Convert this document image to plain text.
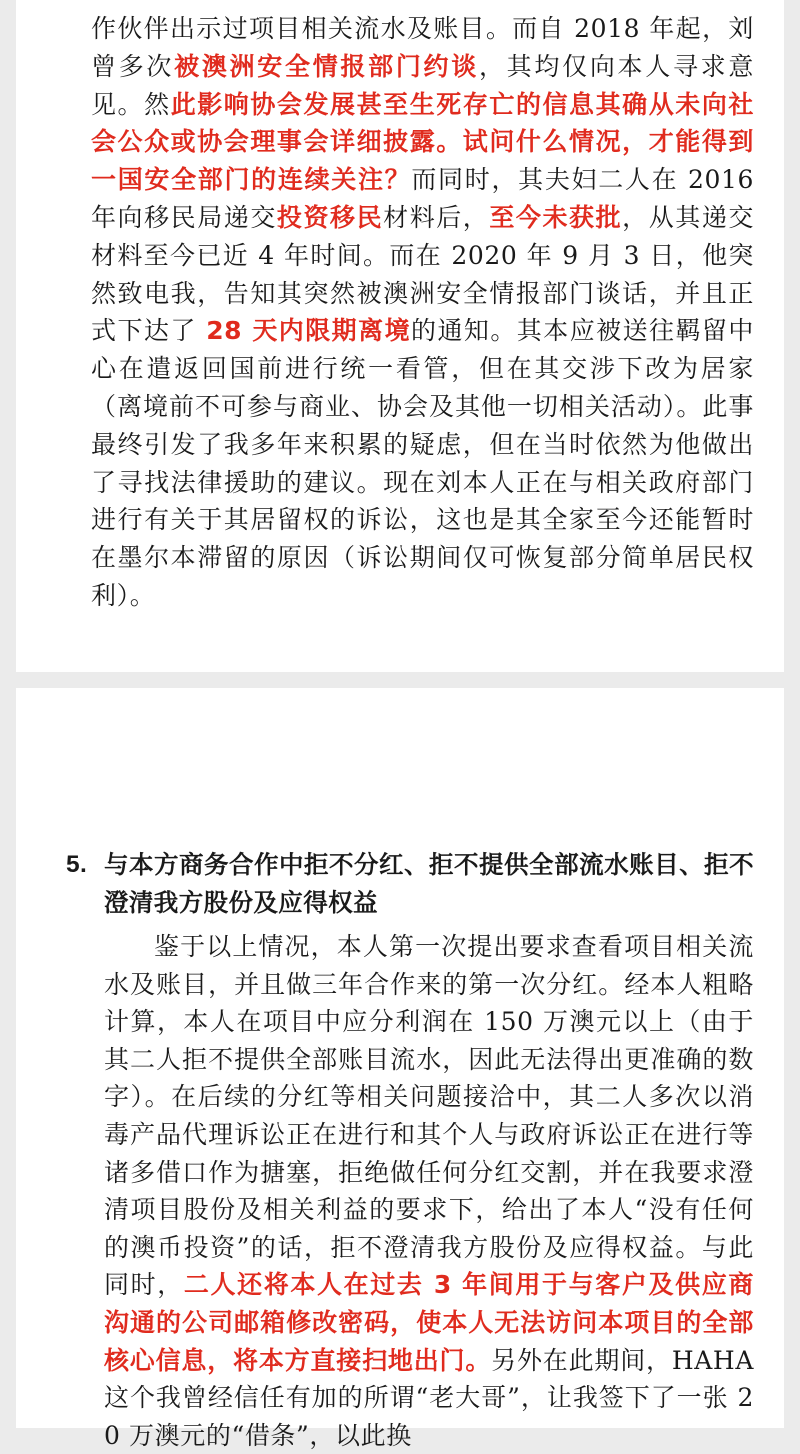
作伙伴出示过项目相关流水及账目。而自 2018 年起，刘曾多次被澳洲安全情报部门约谈，其均仅向本人寻求意见。然此影响协会发展甚至生死存亡的信息其确从未向社会公众或协会理事会详细披露。试问什么情况，才能得到一国安全部门的连续关注？而同时，其夫妇二人在 2016 年向移民局递交投资移民材料后，至今未获批，从其递交材料至今已近 4 年时间。而在 2020 年 9 月 3 日，他突然致电我，告知其突然被澳洲安全情报部门谈话，并且正式下达了 28 天内限期离境的通知。其本应被送往羁留中心在遣返回国前进行统一看管，但在其交涉下改为居家（离境前不可参与商业、协会及其他一切相关活动）。此事最终引发了我多年来积累的疑虑，但在当时依然为他做出了寻找法律援助的建议。现在刘本人正在与相关政府部门进行有关于其居留权的诉讼，这也是其全家至今还能暂时在墨尔本滞留的原因（诉讼期间仅可恢复部分简单居民权利）。

5. 与本方商务合作中拒不分红、拒不提供全部流水账目、拒不澄清我方股份及应得权益

鉴于以上情况，本人第一次提出要求查看项目相关流水及账目，并且做三年合作来的第一次分红。经本人粗略计算，本人在项目中应分利润在 150 万澳元以上（由于其二人拒不提供全部账目流水，因此无法得出更准确的数字）。在后续的分红等相关问题接洽中，其二人多次以消毒产品代理诉讼正在进行和其个人与政府诉讼正在进行等诸多借口作为搪塞，拒绝做任何分红交割，并在我要求澄清项目股份及相关利益的要求下，给出了本人“没有任何的澳币投资”的话，拒不澄清我方股份及应得权益。与此同时，二人还将本人在过去 3 年间用于与客户及供应商沟通的公司邮箱修改密码，使本人无法访问本项目的全部核心信息，将本方直接扫地出门。另外在此期间，HAHA 这个我曾经信任有加的所谓“老大哥”，让我签下了一张 20 万澳元的“借条”，以此换
